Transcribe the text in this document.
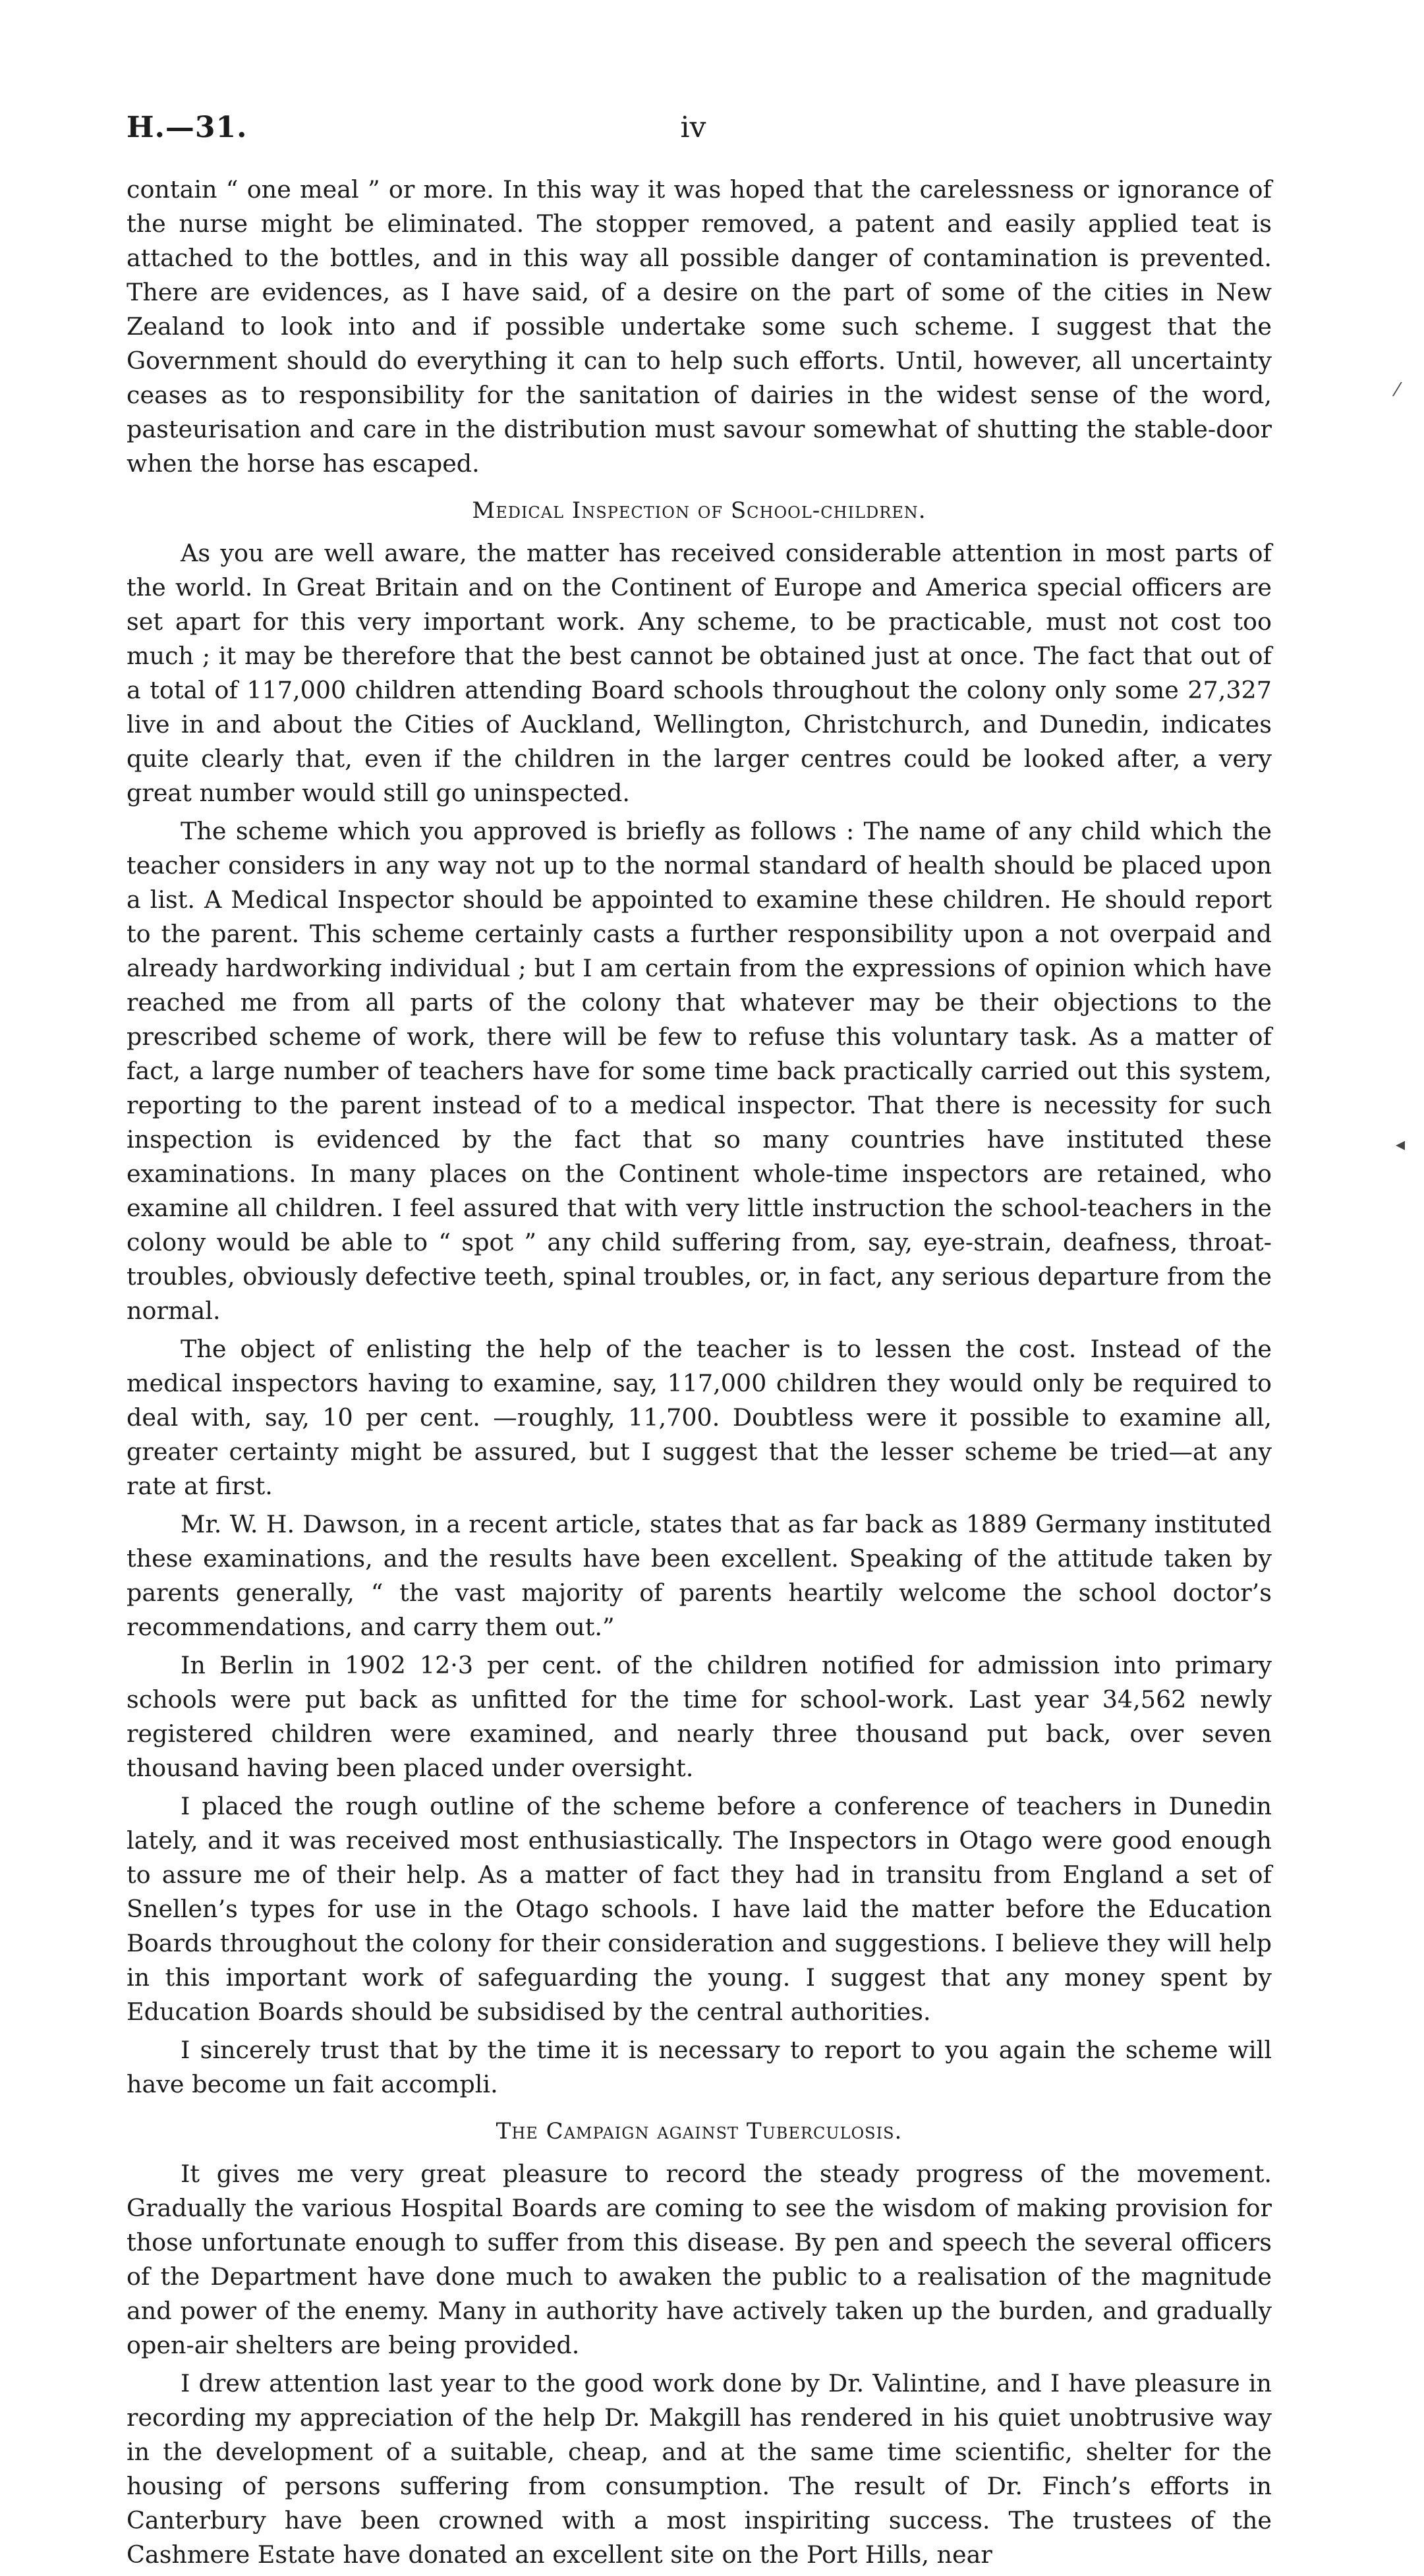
H.—31.	iv
⁄
◂

contain “ one meal ” or more. In this way it was hoped that the carelessness or ignorance of the nurse might be eliminated. The stopper removed, a patent and easily applied teat is attached to the bottles, and in this way all possible danger of contamination is prevented. There are evidences, as I have said, of a desire on the part of some of the cities in New Zealand to look into and if possible undertake some such scheme. I suggest that the Government should do everything it can to help such efforts. Until, however, all uncertainty ceases as to responsibility for the sanitation of dairies in the widest sense of the word, pasteurisation and care in the distribution must savour somewhat of shutting the stable-door when the horse has escaped.

Medical Inspection of School-children.

As you are well aware, the matter has received considerable attention in most parts of the world. In Great Britain and on the Continent of Europe and America special officers are set apart for this very important work. Any scheme, to be practicable, must not cost too much ; it may be therefore that the best cannot be obtained just at once. The fact that out of a total of 117,000 children attending Board schools throughout the colony only some 27,327 live in and about the Cities of Auckland, Wellington, Christchurch, and Dunedin, indicates quite clearly that, even if the children in the larger centres could be looked after, a very great number would still go uninspected.

The scheme which you approved is briefly as follows : The name of any child which the teacher considers in any way not up to the normal standard of health should be placed upon a list. A Medical Inspector should be appointed to examine these children. He should report to the parent. This scheme certainly casts a further responsibility upon a not overpaid and already hardworking individual ; but I am certain from the expressions of opinion which have reached me from all parts of the colony that whatever may be their objections to the prescribed scheme of work, there will be few to refuse this voluntary task. As a matter of fact, a large number of teachers have for some time back practically carried out this system, reporting to the parent instead of to a medical inspector. That there is necessity for such inspection is evidenced by the fact that so many countries have instituted these examinations. In many places on the Continent whole-time inspectors are retained, who examine all children. I feel assured that with very little instruction the school-teachers in the colony would be able to “ spot ” any child suffering from, say, eye-strain, deafness, throat-troubles, obviously defective teeth, spinal troubles, or, in fact, any serious departure from the normal.

The object of enlisting the help of the teacher is to lessen the cost. Instead of the medical inspectors having to examine, say, 117,000 children they would only be required to deal with, say, 10 per cent. —roughly, 11,700. Doubtless were it possible to examine all, greater certainty might be assured, but I suggest that the lesser scheme be tried—at any rate at first.

Mr. W. H. Dawson, in a recent article, states that as far back as 1889 Germany instituted these examinations, and the results have been excellent. Speaking of the attitude taken by parents generally, “ the vast majority of parents heartily welcome the school doctor’s recommendations, and carry them out.”

In Berlin in 1902 12·3 per cent. of the children notified for admission into primary schools were put back as unfitted for the time for school-work. Last year 34,562 newly registered children were examined, and nearly three thousand put back, over seven thousand having been placed under oversight.

I placed the rough outline of the scheme before a conference of teachers in Dunedin lately, and it was received most enthusiastically. The Inspectors in Otago were good enough to assure me of their help. As a matter of fact they had in transitu from England a set of Snellen’s types for use in the Otago schools. I have laid the matter before the Education Boards throughout the colony for their consideration and suggestions. I believe they will help in this important work of safeguarding the young. I suggest that any money spent by Education Boards should be subsidised by the central authorities.

I sincerely trust that by the time it is necessary to report to you again the scheme will have become un fait accompli.

The Campaign against Tuberculosis.

It gives me very great pleasure to record the steady progress of the movement. Gradually the various Hospital Boards are coming to see the wisdom of making provision for those unfortunate enough to suffer from this disease. By pen and speech the several officers of the Department have done much to awaken the public to a realisation of the magnitude and power of the enemy. Many in authority have actively taken up the burden, and gradually open-air shelters are being provided.

I drew attention last year to the good work done by Dr. Valintine, and I have pleasure in recording my appreciation of the help Dr. Makgill has rendered in his quiet unobtrusive way in the development of a suitable, cheap, and at the same time scientific, shelter for the housing of persons suffering from consumption. The result of Dr. Finch’s efforts in Canterbury have been crowned with a most inspiriting success. The trustees of the Cashmere Estate have donated an excellent site on the Port Hills, near
